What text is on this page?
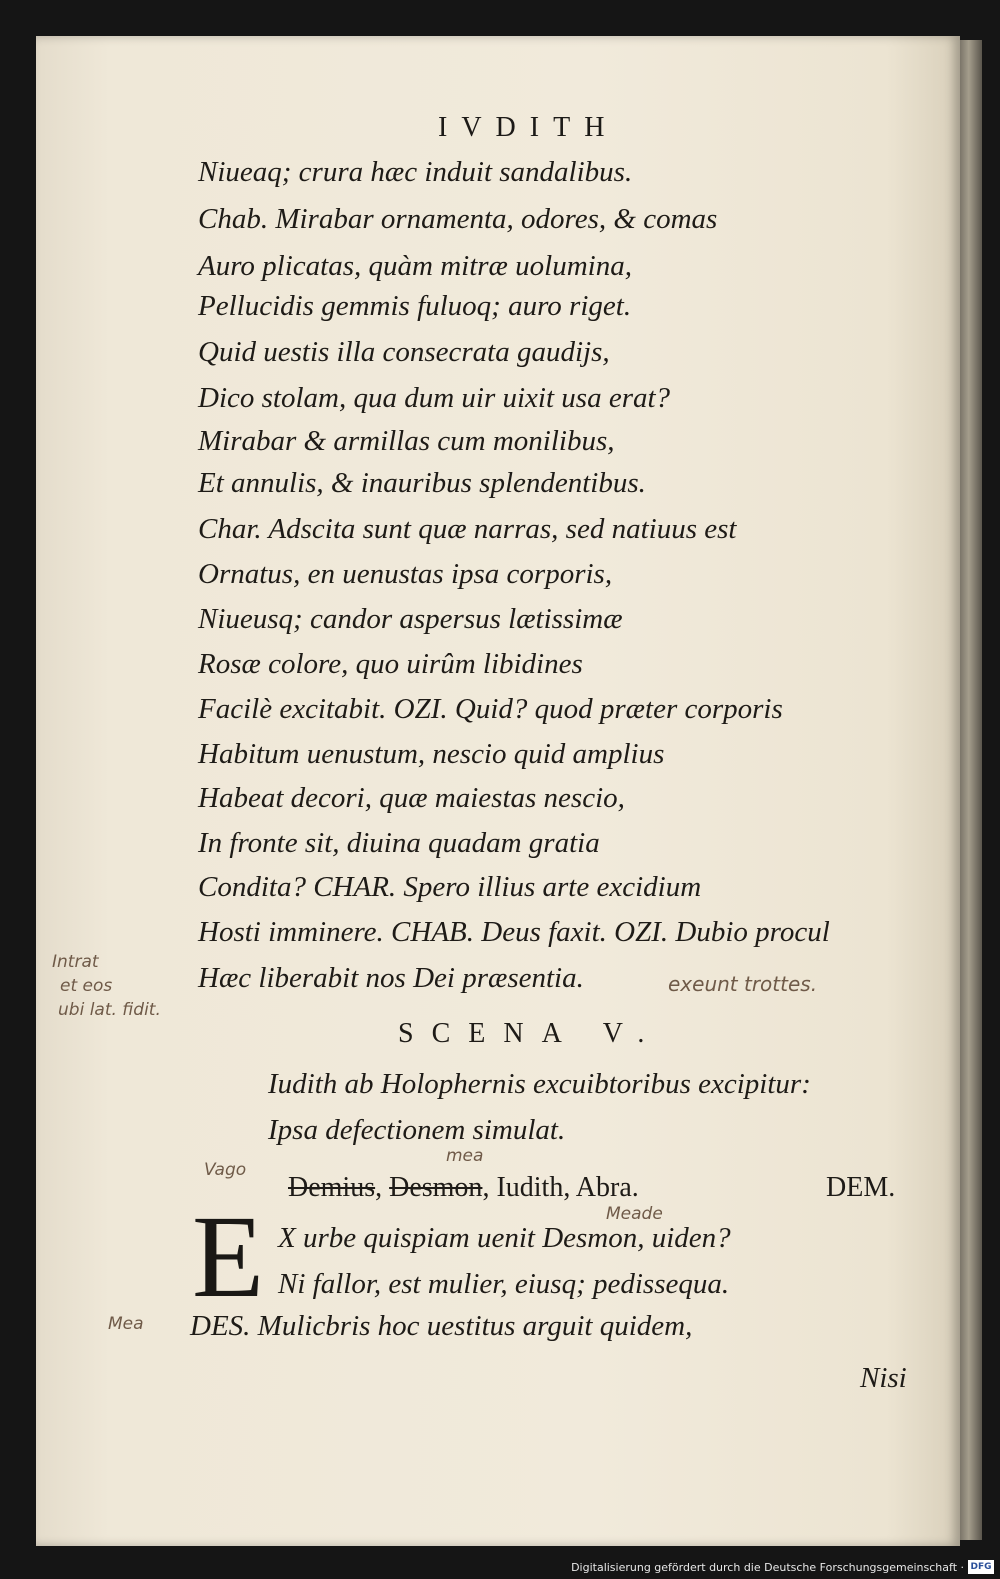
IVDITH
Niueaq; crura hæc induit sandalibus.
Chab. Mirabar ornamenta, odores, & comas
Auro plicatas, quàm mitræ uolumina,
Pellucidis gemmis fuluoq; auro riget.
Quid uestis illa consecrata gaudijs,
Dico stolam, qua dum uir uixit usa erat?
Mirabar & armillas cum monilibus,
Et annulis, & inauribus splendentibus.
Char. Adscita sunt quæ narras, sed natiuus est
Ornatus, en uenustas ipsa corporis,
Niueusq; candor aspersus lætissimæ
Rosæ colore, quo uirûm libidines
Facilè excitabit. OZI. Quid? quod præter corporis
Habitum uenustum, nescio quid amplius
Habeat decori, quæ maiestas nescio,
In fronte sit, diuina quadam gratia
Condita? CHAR. Spero illius arte excidium
Hosti imminere. CHAB. Deus faxit. OZI. Dubio procul
Hæc liberabit nos Dei præsentia.
Intrat
et eos
ubi lat. fidit.
exeunt trottes.
SCENA V.
Iudith ab Holophernis excuibtoribus excipitur:
Ipsa defectionem simulat.
Vago
mea
Demius, Desmon, Iudith, Abra.	DEM.
E	Meade
X urbe quispiam uenit Desmon, uiden?
Ni fallor, est mulier, eiusq; pedissequa.
Mea DES. Mulicbris hoc uestitus arguit quidem,
Nisi
Digitalisierung gefördert durch die Deutsche Forschungsgemeinschaft · DFG
